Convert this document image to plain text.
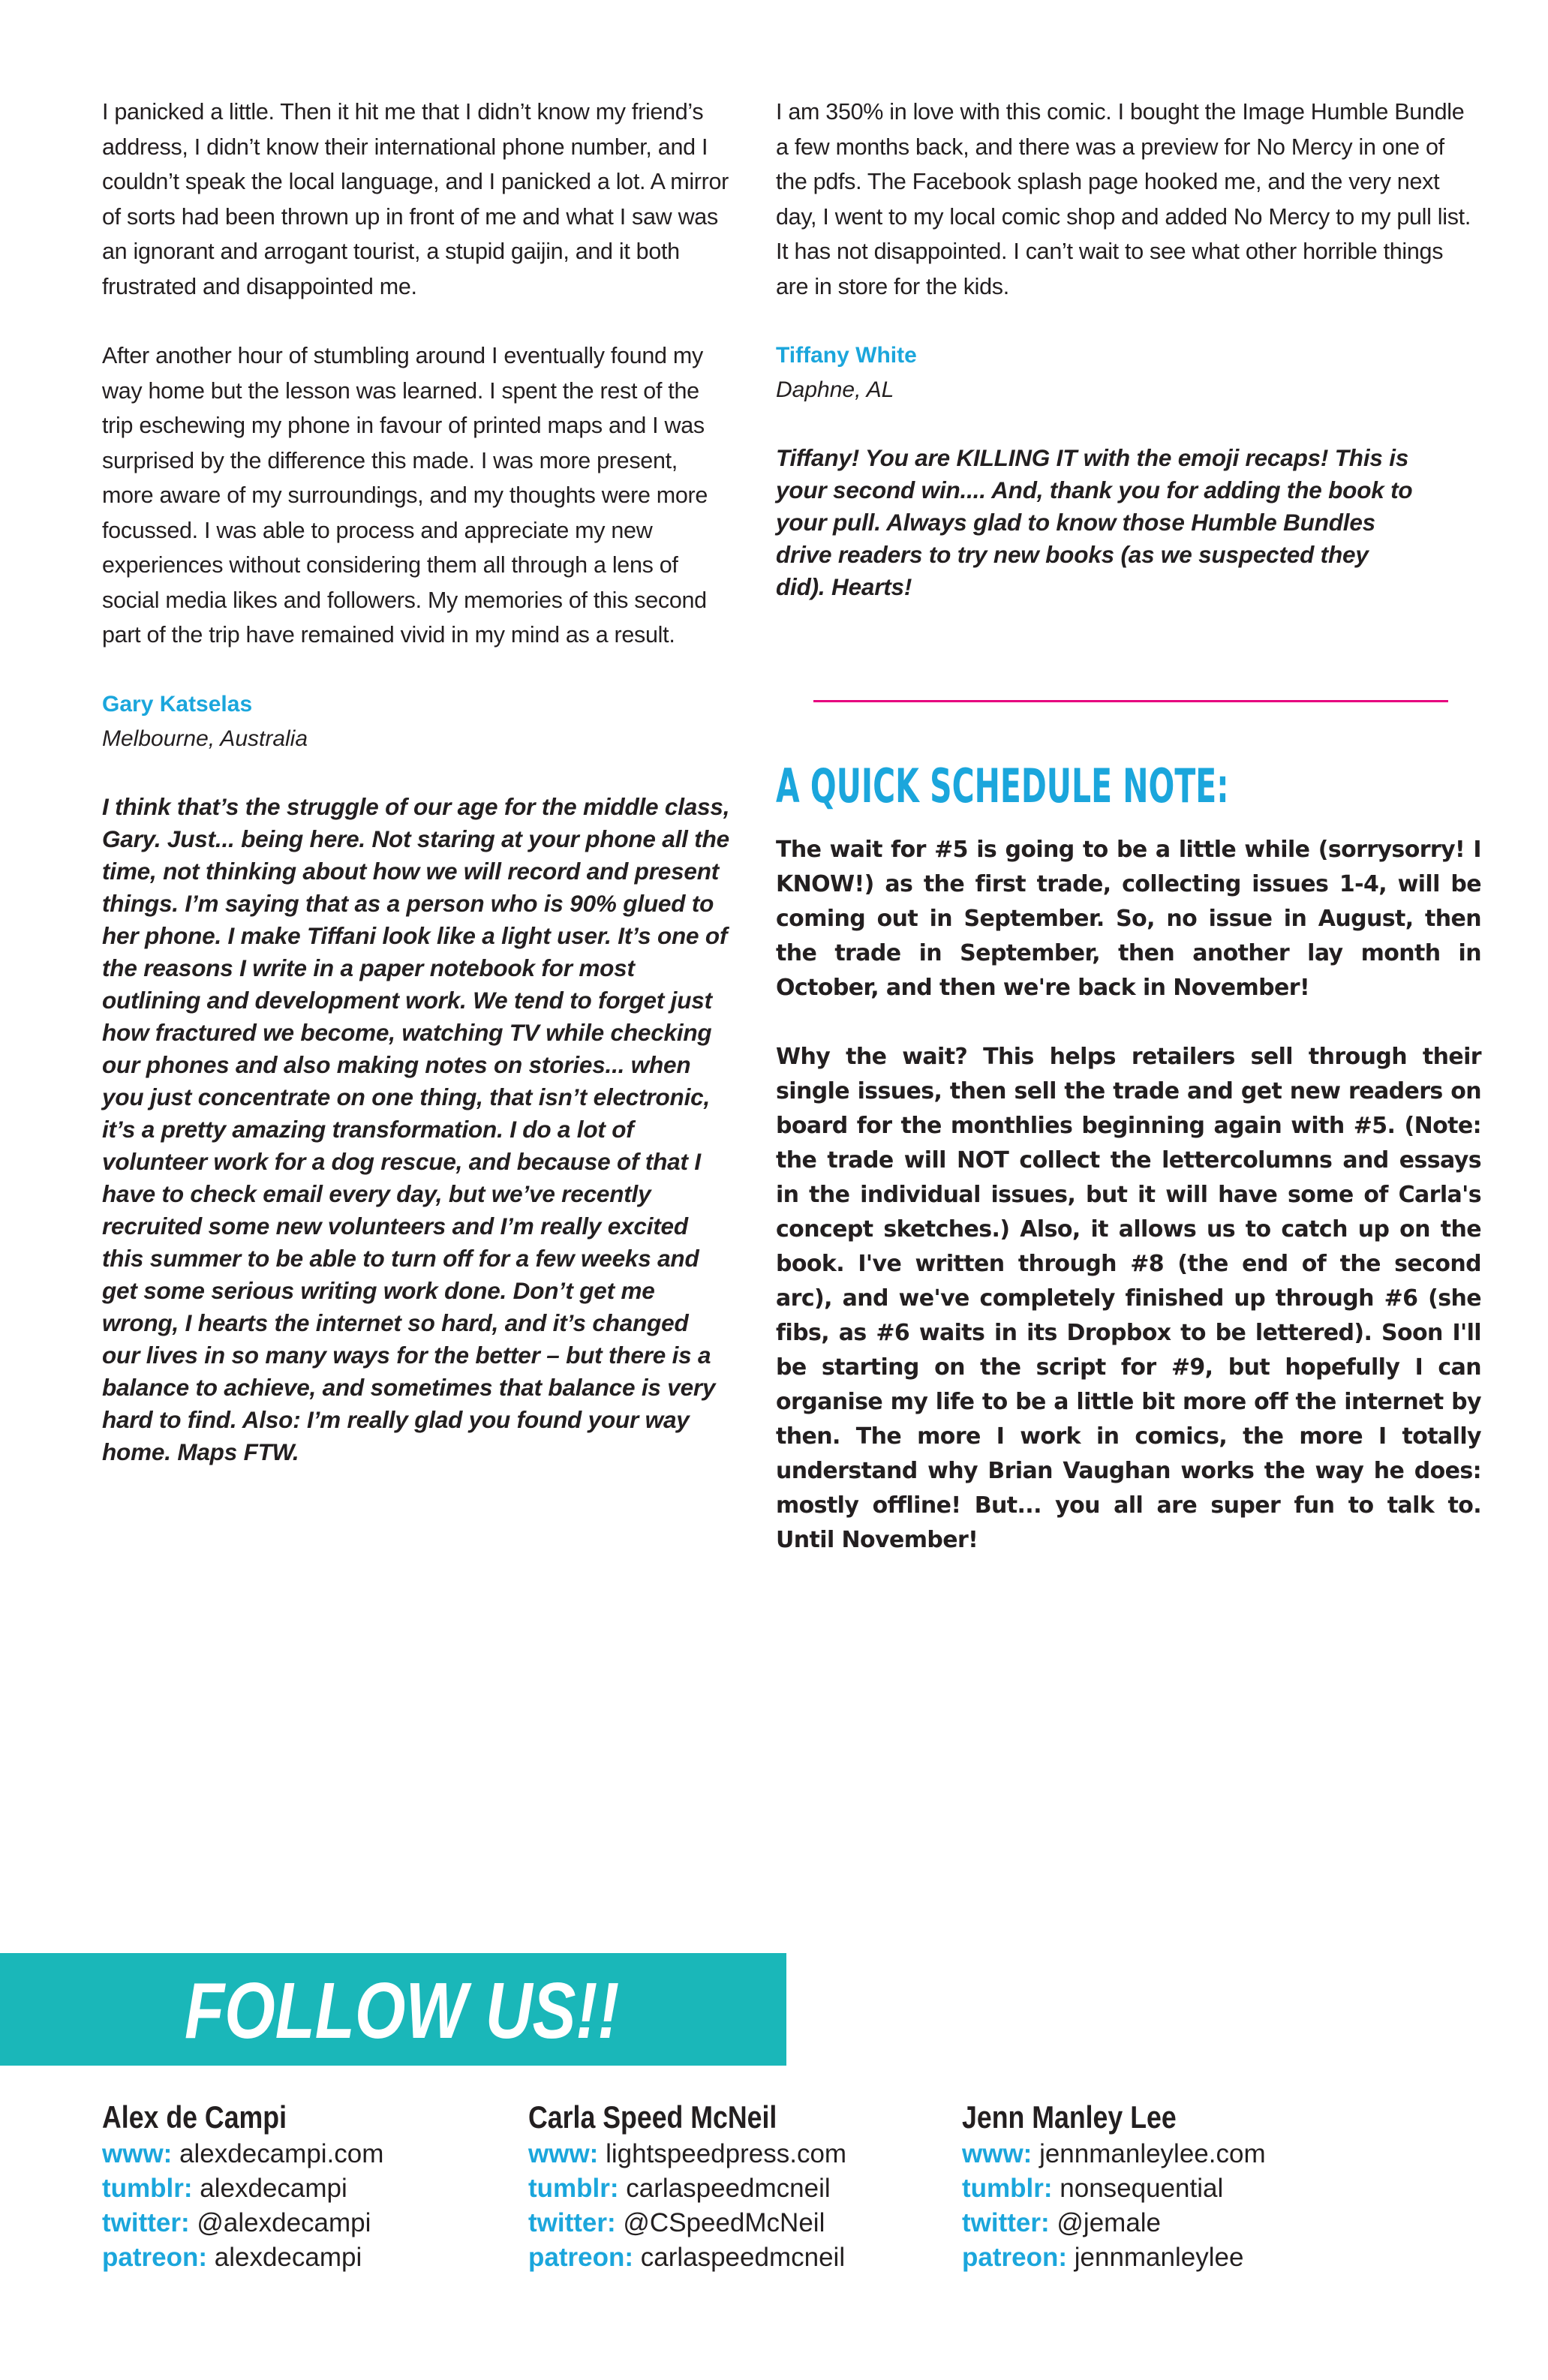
I panicked a little. Then it hit me that I didn’t know my friend’s address, I didn’t know their international phone number, and I couldn’t speak the local language, and I panicked a lot. A mirror of sorts had been thrown up in front of me and what I saw was an ignorant and arrogant tourist, a stupid gaijin, and it both frustrated and disappointed me.

After another hour of stumbling around I eventually found my way home but the lesson was learned. I spent the rest of the trip eschewing my phone in favour of printed maps and I was surprised by the difference this made. I was more present, more aware of my surroundings, and my thoughts were more focussed. I was able to process and appreciate my new experiences without considering them all through a lens of social media likes and followers. My memories of this second part of the trip have remained vivid in my mind as a result.

Gary Katselas
Melbourne, Australia

I think that’s the struggle of our age for the middle class, Gary. Just... being here. Not staring at your phone all the time, not thinking about how we will record and present things. I’m saying that as a person who is 90% glued to her phone. I make Tiffani look like a light user. It’s one of the reasons I write in a paper notebook for most outlining and development work. We tend to forget just how fractured we become, watching TV while checking our phones and also making notes on stories... when you just concentrate on one thing, that isn’t electronic, it’s a pretty amazing transformation. I do a lot of volunteer work for a dog rescue, and because of that I have to check email every day, but we’ve recently recruited some new volunteers and I’m really excited this summer to be able to turn off for a few weeks and get some serious writing work done. Don’t get me wrong, I hearts the internet so hard, and it’s changed our lives in so many ways for the better – but there is a balance to achieve, and sometimes that balance is very hard to find. Also: I’m really glad you found your way home. Maps FTW.

I am 350% in love with this comic. I bought the Image Humble Bundle a few months back, and there was a preview for No Mercy in one of the pdfs. The Facebook splash page hooked me, and the very next day, I went to my local comic shop and added No Mercy to my pull list. It has not disappointed. I can’t wait to see what other horrible things are in store for the kids.

Tiffany White
Daphne, AL

Tiffany! You are KILLING IT with the emoji recaps! This is your second win.... And, thank you for adding the book to your pull. Always glad to know those Humble Bundles drive readers to try new books (as we suspected they did). Hearts!

A QUICK SCHEDULE NOTE:

The wait for #5 is going to be a little while (sorrysorry! I KNOW!) as the first trade, collecting issues 1-4, will be coming out in September. So, no issue in August, then the trade in September, then another lay month in October, and then we're back in November!

Why the wait? This helps retailers sell through their single issues, then sell the trade and get new readers on board for the monthlies beginning again with #5. (Note: the trade will NOT collect the lettercolumns and essays in the individual issues, but it will have some of Carla's concept sketches.) Also, it allows us to catch up on the book. I've written through #8 (the end of the second arc), and we've completely finished up through #6 (she fibs, as #6 waits in its Dropbox to be lettered). Soon I'll be starting on the script for #9, but hopefully I can organise my life to be a little bit more off the internet by then. The more I work in comics, the more I totally understand why Brian Vaughan works the way he does: mostly offline! But... you all are super fun to talk to. Until November!

FOLLOW US!!
Alex de Campi
www: alexdecampi.com
tumblr: alexdecampi
twitter: @alexdecampi
patreon: alexdecampi
Carla Speed McNeil
www: lightspeedpress.com
tumblr: carlaspeedmcneil
twitter: @CSpeedMcNeil
patreon: carlaspeedmcneil
Jenn Manley Lee
www: jennmanleylee.com
tumblr: nonsequential
twitter: @jemale
patreon: jennmanleylee
